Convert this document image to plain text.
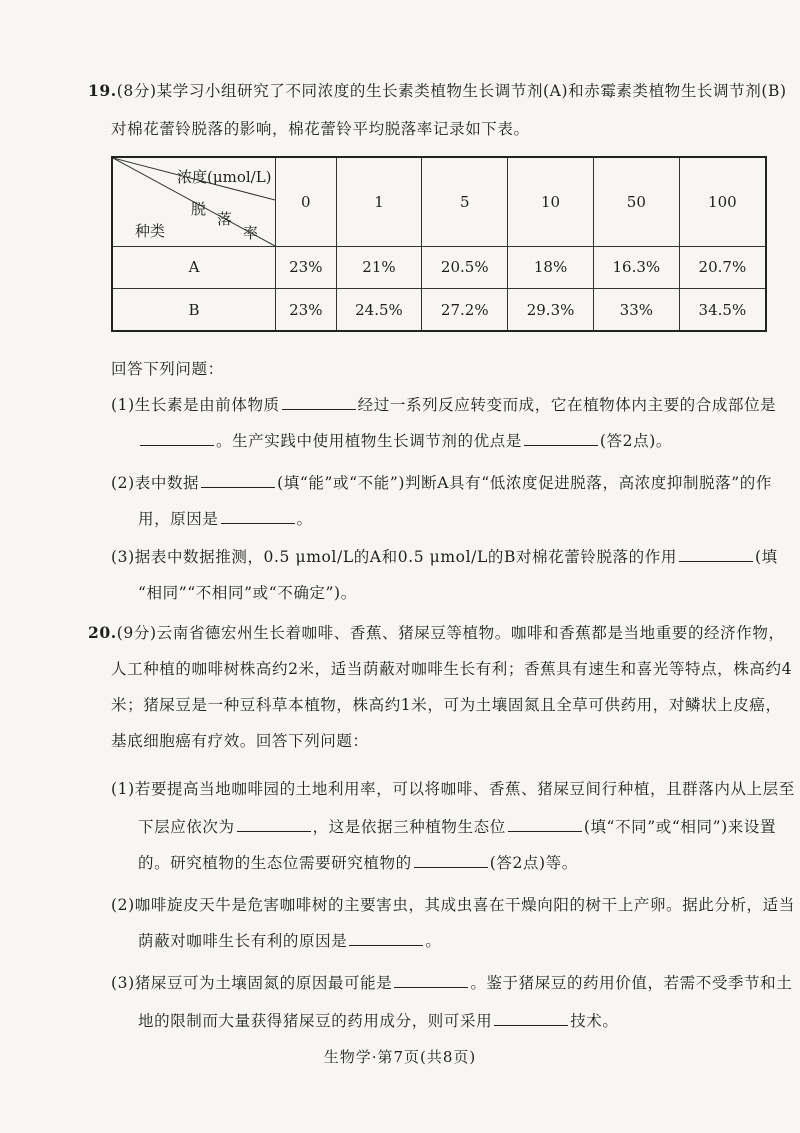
19.(8分)某学习小组研究了不同浓度的生长素类植物生长调节剂(A)和赤霉素类植物生长调节剂(B)
对棉花蕾铃脱落的影响，棉花蕾铃平均脱落率记录如下表。
浓度(μmol/L)
脱
落
率
种类	0	1	5	10	50	100
A	23%	21%	20.5%	18%	16.3%	20.7%
B	23%	24.5%	27.2%	29.3%	33%	34.5%
回答下列问题：
(1)生长素是由前体物质	经过一系列反应转变而成，它在植物体内主要的合成部位是
。生产实践中使用植物生长调节剂的优点是	(答2点)。
(2)表中数据	(填“能”或“不能”)判断A具有“低浓度促进脱落，高浓度抑制脱落”的作
用，原因是	。
(3)据表中数据推测，0.5 μmol/L的A和0.5 μmol/L的B对棉花蕾铃脱落的作用	(填
“相同”“不相同”或“不确定”)。
20.(9分)云南省德宏州生长着咖啡、香蕉、猪屎豆等植物。咖啡和香蕉都是当地重要的经济作物，
人工种植的咖啡树株高约2米，适当荫蔽对咖啡生长有利；香蕉具有速生和喜光等特点，株高约4
米；猪屎豆是一种豆科草本植物，株高约1米，可为土壤固氮且全草可供药用，对鳞状上皮癌，
基底细胞癌有疗效。回答下列问题：
(1)若要提高当地咖啡园的土地利用率，可以将咖啡、香蕉、猪屎豆间行种植，且群落内从上层至
下层应依次为	，这是依据三种植物生态位	(填“不同”或“相同”)来设置
的。研究植物的生态位需要研究植物的	(答2点)等。
(2)咖啡旋皮天牛是危害咖啡树的主要害虫，其成虫喜在干燥向阳的树干上产卵。据此分析，适当
荫蔽对咖啡生长有利的原因是	。
(3)猪屎豆可为土壤固氮的原因最可能是	。鉴于猪屎豆的药用价值，若需不受季节和土
地的限制而大量获得猪屎豆的药用成分，则可采用	技术。
生物学·第7页(共8页)
